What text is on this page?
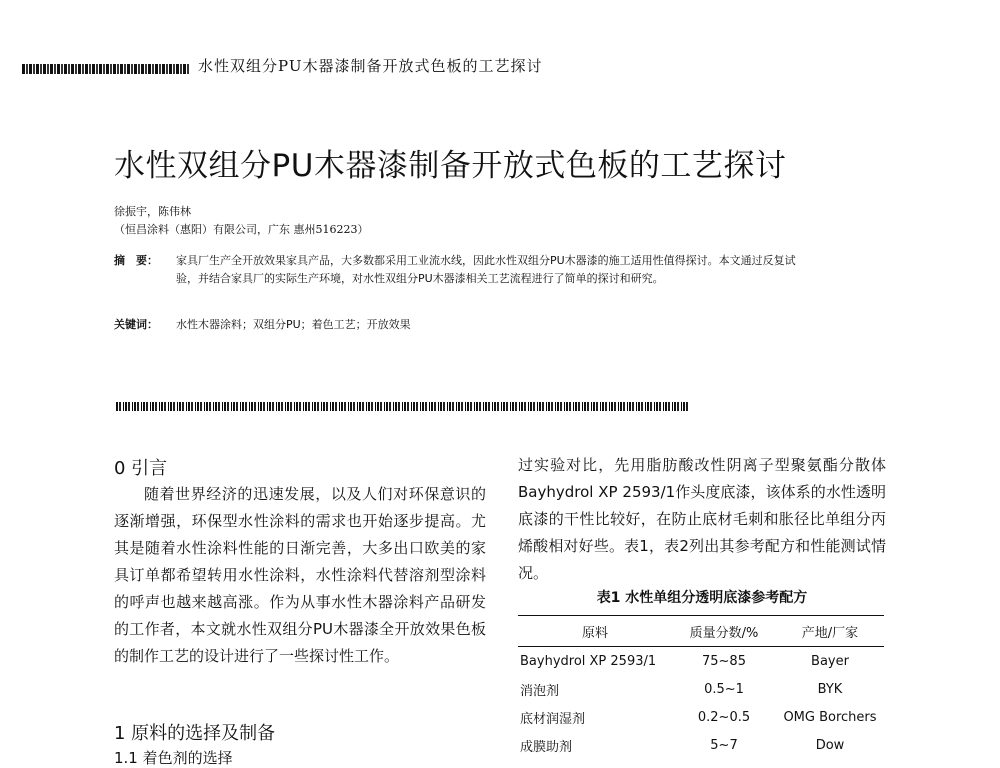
水性双组分PU木器漆制备开放式色板的工艺探讨
水性双组分PU木器漆制备开放式色板的工艺探讨
徐振宇，陈伟林
（恒昌涂料（惠阳）有限公司，广东 惠州516223）
摘　要：	家具厂生产全开放效果家具产品，大多数都采用工业流水线，因此水性双组分PU木器漆的施工适用性值得探讨。本文通过反复试验，并结合家具厂的实际生产环境，对水性双组分PU木器漆相关工艺流程进行了简单的探讨和研究。
关键词： 水性木器涂料；双组分PU；着色工艺；开放效果
0 引言
随着世界经济的迅速发展，以及人们对环保意识的逐渐增强，环保型水性涂料的需求也开始逐步提高。尤其是随着水性涂料性能的日渐完善，大多出口欧美的家具订单都希望转用水性涂料，水性涂料代替溶剂型涂料的呼声也越来越高涨。作为从事水性木器涂料产品研发的工作者，本文就水性双组分PU木器漆全开放效果色板的制作工艺的设计进行了一些探讨性工作。
1 原料的选择及制备
1.1 着色剂的选择
过实验对比，先用脂肪酸改性阴离子型聚氨酯分散体Bayhydrol XP 2593/1作头度底漆，该体系的水性透明底漆的干性比较好，在防止底材毛刺和胀径比单组分丙烯酸相对好些。表1，表2列出其参考配方和性能测试情况。
表1 水性单组分透明底漆参考配方
原料	质量分数/%	产地/厂家
Bayhydrol XP 2593/1	75~85	Bayer
消泡剂	0.5~1	BYK
底材润湿剂	0.2~0.5	OMG Borchers
成膜助剂	5~7	Dow
